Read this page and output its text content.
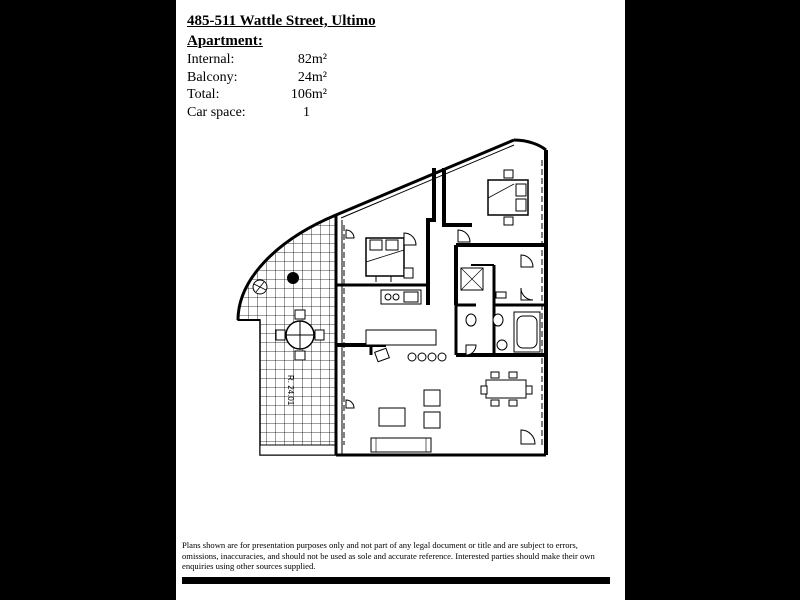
485-511 Wattle Street, Ultimo
Apartment:
Internal:	82m²
Balcony:	24m²
Total:	106m²
Car space:	1
R. 24.01
Plans shown are for presentation purposes only and not part of any legal document or title and are subject to errors, omissions, inaccuracies, and should not be used as sole and accurate reference. Interested parties should make their own enquiries using other sources supplied.
